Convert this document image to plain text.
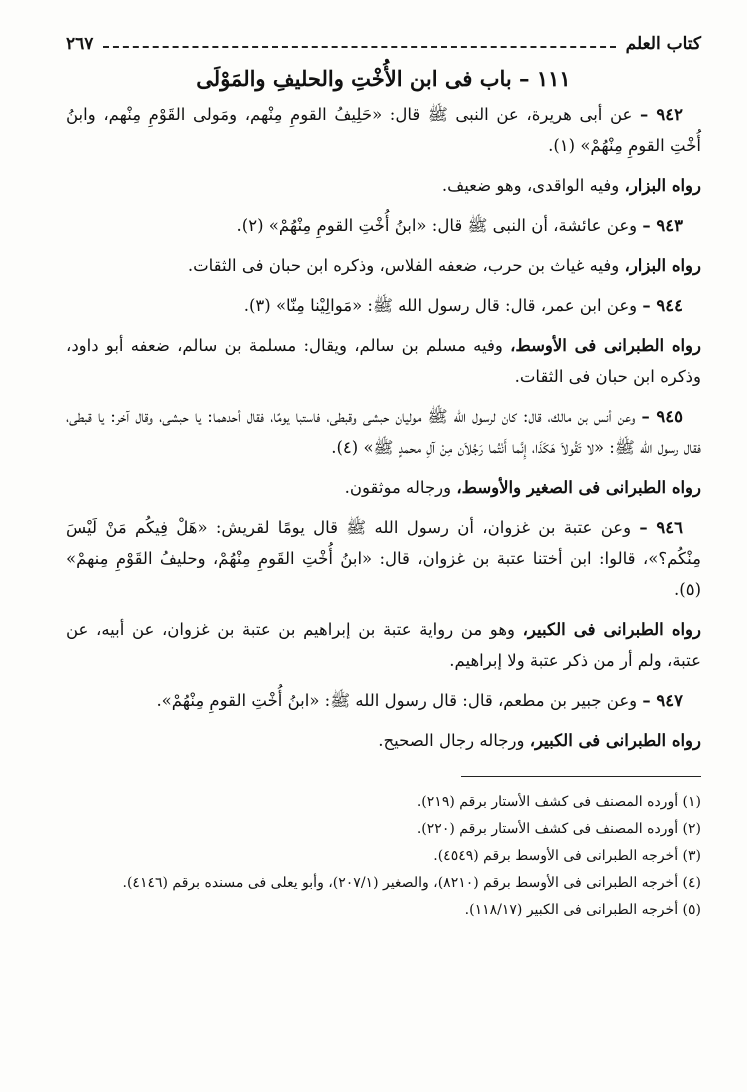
كتاب العلم
٢٦٧
١١١ – باب فى ابن الأُخْتِ والحليفِ والمَوْلَى

٩٤٢ – عن أبى هريرة، عن النبى ﷺ قال: «حَلِيفُ القومِ مِنْهم، ومَولى القَوْمِ مِنْهم، وابنُ أُخْتِ القومِ مِنْهُمْ» (١).

رواه البزار، وفيه الواقدى، وهو ضعيف.

٩٤٣ – وعن عائشة، أن النبى ﷺ قال: «ابنُ أُخْتِ القومِ مِنْهُمْ» (٢).

رواه البزار، وفيه غياث بن حرب، ضعفه الفلاس، وذكره ابن حبان فى الثقات.

٩٤٤ – وعن ابن عمر، قال: قال رسول الله ﷺ: «مَوالِيْنا مِنّا» (٣).

رواه الطبرانى فى الأوسط، وفيه مسلم بن سالم، ويقال: مسلمة بن سالم، ضعفه أبو داود، وذكره ابن حبان فى الثقات.

٩٤٥ – وعن أنس بن مالك، قال: كان لرسول الله ﷺ موليان حبشى وقبطى، فاستبا يومًا، فقال أحدهما: يا حبشى، وقال آخر: يا قبطى، فقال رسول الله ﷺ: «لا تَقُولاَ هَكَذَا، إِنَّما أَنْتُما رَجُلاَن مِنْ آلِ محمدٍ ﷺ» (٤).

رواه الطبرانى فى الصغير والأوسط، ورجاله موثقون.

٩٤٦ – وعن عتبة بن غزوان، أن رسول الله ﷺ قال يومًا لقريش: «هَلْ فِيكُم مَنْ لَيْسَ مِنْكُم؟»، قالوا: ابن أختنا عتبة بن غزوان، قال: «ابنُ أُخْتِ القَومِ مِنْهُمْ، وحليفُ القَوْمِ مِنهمْ» (٥).

رواه الطبرانى فى الكبير، وهو من رواية عتبة بن إبراهيم بن عتبة بن غزوان، عن أبيه، عن عتبة، ولم أر من ذكر عتبة ولا إبراهيم.

٩٤٧ – وعن جبير بن مطعم، قال: قال رسول الله ﷺ: «ابنُ أُخْتِ القومِ مِنْهُمْ».

رواه الطبرانى فى الكبير، ورجاله رجال الصحيح.

(١) أورده المصنف فى كشف الأستار برقم (٢١٩).

(٢) أورده المصنف فى كشف الأستار برقم (٢٢٠).

(٣) أخرجه الطبرانى فى الأوسط برقم (٤٥٤٩).

(٤) أخرجه الطبرانى فى الأوسط برقم (٨٢١٠)، والصغير (٢٠٧/١)، وأبو يعلى فى مسنده برقم (٤١٤٦).

(٥) أخرجه الطبرانى فى الكبير (١١٨/١٧).
